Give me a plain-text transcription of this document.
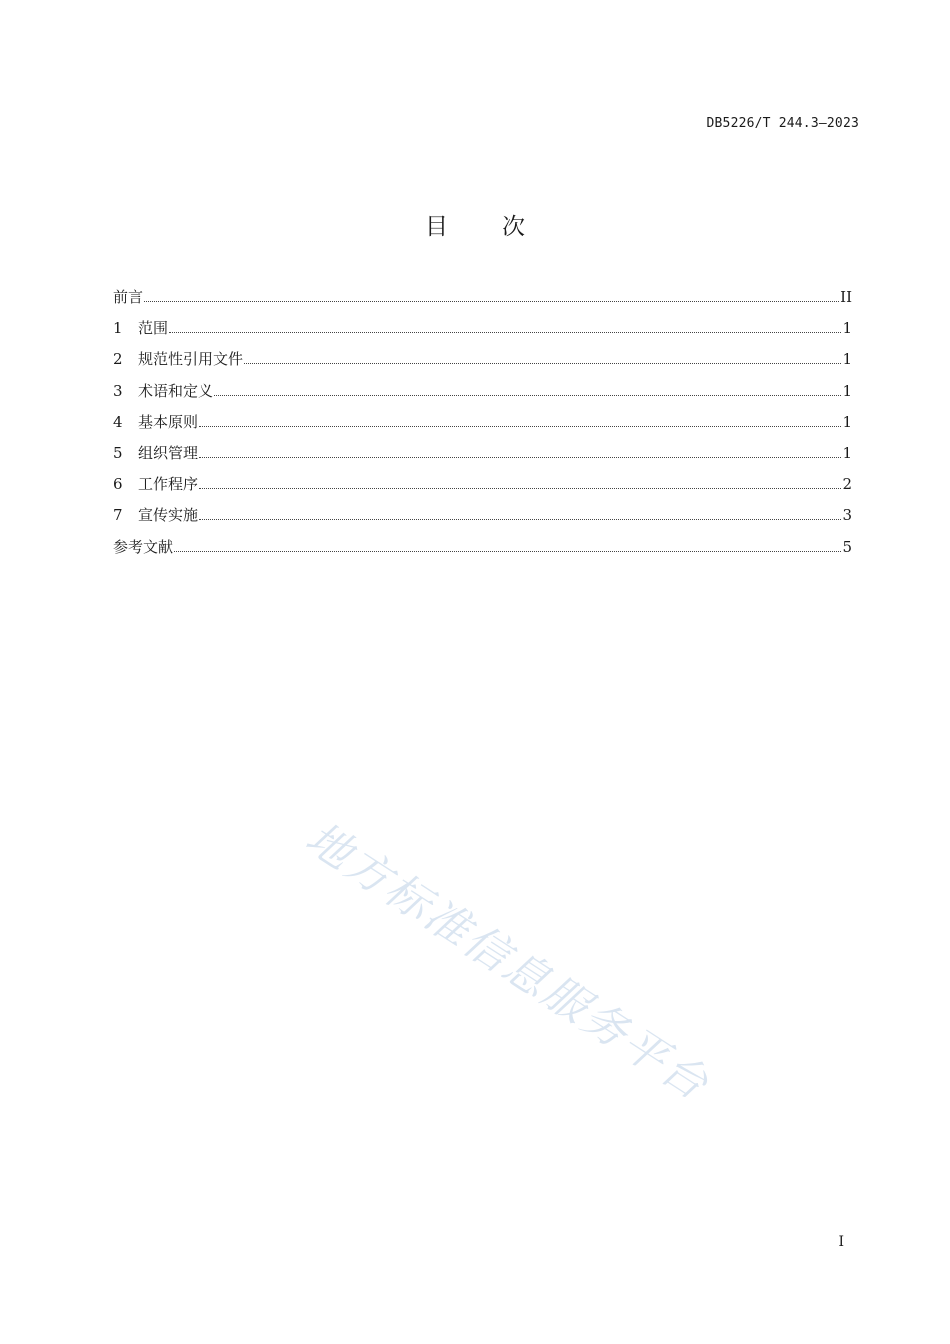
DB5226/T 244.3—2023
目 次
前言	II
1	范围	1
2	规范性引用文件	1
3	术语和定义	1
4	基本原则	1
5	组织管理	1
6	工作程序	2
7	宣传实施	3
参考文献	5
地方标准信息服务平台
I
